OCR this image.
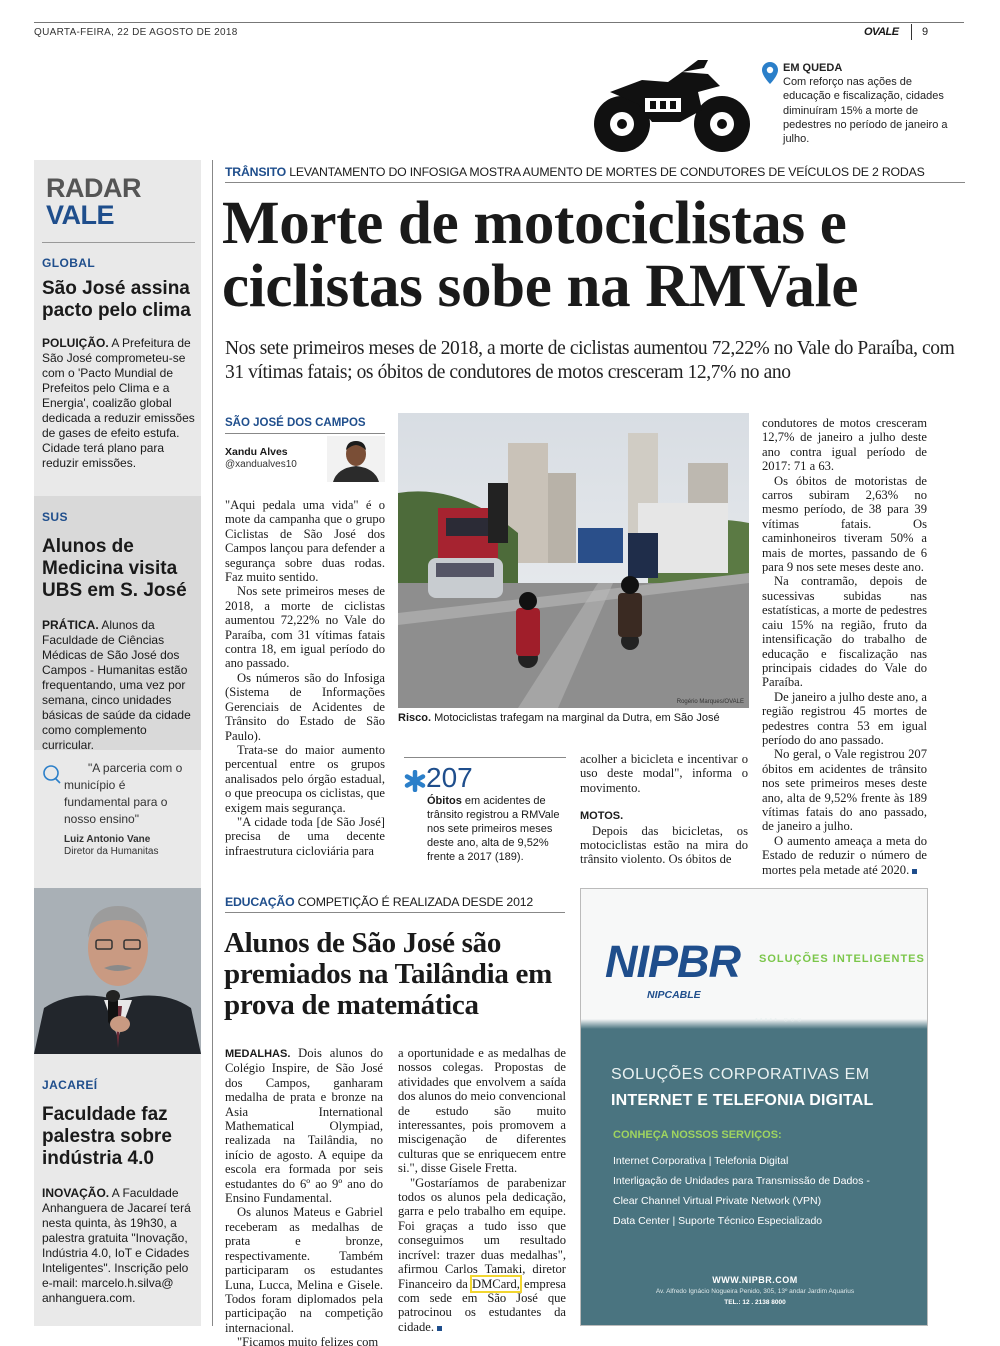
QUARTA-FEIRA, 22 DE AGOSTO DE 2018	OVALE 9
EM QUEDA
Com reforço nas ações de educação e fiscalização, cidades diminuíram 15% a morte de pedestres no período de janeiro a julho.
RADAR
VALE
GLOBAL
São José assina pacto pelo clima
POLUIÇÃO. A Prefeitura de São José comprometeu-se com o 'Pacto Mundial de Prefeitos pelo Clima e a Energia', coalizão global dedicada a reduzir emissões de gases de efeito estufa. Cidade terá plano para reduzir emissões.
SUS
Alunos de Medicina visita UBS em S. José
PRÁTICA. Alunos da Faculdade de Ciências Médicas de São José dos Campos - Humanitas estão frequentando, uma vez por semana, cinco unidades básicas de saúde da cidade como complemento curricular.
"A parceria com o município é fundamental para o nosso ensino"
Luiz Antonio Vane
Diretor da Humanitas
JACAREÍ
Faculdade faz palestra sobre indústria 4.0
INOVAÇÃO. A Faculdade Anhanguera de Jacareí terá nesta quinta, às 19h30, a palestra gratuita "Inovação, Indústria 4.0, IoT e Cidades Inteligentes". Inscrição pelo e-mail: marcelo.h.silva@ anhanguera.com.
TRÂNSITO LEVANTAMENTO DO INFOSIGA MOSTRA AUMENTO DE MORTES DE CONDUTORES DE VEÍCULOS DE 2 RODAS
Morte de motociclistas e ciclistas sobe na RMVale
Nos sete primeiros meses de 2018, a morte de ciclistas aumentou 72,22% no Vale do Paraíba, com 31 vítimas fatais; os óbitos de condutores de motos cresceram 12,7% no ano
SÃO JOSÉ DOS CAMPOS
Xandu Alves
@xandualves10

"Aqui pedala uma vida" é o mote da campanha que o grupo Ciclistas de São José dos Campos lançou para defender a segurança sobre duas rodas. Faz muito sentido.

Nos sete primeiros meses de 2018, a morte de ciclistas aumentou 72,22% no Vale do Paraíba, com 31 vítimas fatais contra 18, em igual período do ano passado.

Os números são do Infosiga (Sistema de Informações Gerenciais de Acidentes de Trânsito do Estado de São Paulo).

Trata-se do maior aumento percentual entre os grupos analisados pelo órgão estadual, o que preocupa os ciclistas, que exigem mais segurança.

"A cidade toda [de São José] precisa de uma decente infraestrutura cicloviária para

Rogério Marques/OVALE
Risco. Motociclistas trafegam na marginal da Dutra, em São José
207
Óbitos em acidentes de trânsito registrou a RMVale nos sete primeiros meses deste ano, alta de 9,52% frente a 2017 (189).

acolher a bicicleta e incentivar o uso deste modal", informa o movimento.

MOTOS.

Depois das bicicletas, os motociclistas estão na mira do trânsito violento. Os óbitos de

condutores de motos cresceram 12,7% de janeiro a julho deste ano contra igual período de 2017: 71 a 63.

Os óbitos de motoristas de carros subiram 2,63% no mesmo período, de 38 para 39 vítimas fatais. Os caminhoneiros tiveram 50% a mais de mortes, passando de 6 para 9 nos sete meses deste ano.

Na contramão, depois de sucessivas subidas nas estatísticas, a morte de pedestres caiu 15% na região, fruto da intensificação do trabalho de educação e fiscalização nas principais cidades do Vale do Paraíba.

De janeiro a julho deste ano, a região registrou 45 mortes de pedestres contra 53 em igual período do ano passado.

No geral, o Vale registrou 207 óbitos em acidentes de trânsito nos sete primeiros meses deste ano, alta de 9,52% frente às 189 vítimas fatais do ano passado, de janeiro a julho.

O aumento ameaça a meta do Estado de reduzir o número de mortes pela metade até 2020.

EDUCAÇÃO COMPETIÇÃO É REALIZADA DESDE 2012
Alunos de São José são premiados na Tailândia em prova de matemática

MEDALHAS. Dois alunos do Colégio Inspire, de São José dos Campos, ganharam medalha de prata e bronze na Asia International Mathematical Olympiad, realizada na Tailândia, no início de agosto. A equipe da escola era formada por seis estudantes do 6º ao 9º ano do Ensino Fundamental.

Os alunos Mateus e Gabriel receberam as medalhas de prata e bronze, respectivamente. Também participaram os estudantes Luna, Lucca, Melina e Gisele. Todos foram diplomados pela participação na competição internacional.

"Ficamos muito felizes com

a oportunidade e as medalhas de nossos colegas. Propostas de atividades que envolvem a saída dos alunos do meio convencional de estudo são muito interessantes, pois promovem a miscigenação de diferentes culturas que se enriquecem entre si.", disse Gisele Fretta.

"Gostaríamos de parabenizar todos os alunos pela dedicação, garra e pelo trabalho em equipe. Foi graças a tudo isso que conseguimos um resultado incrível: trazer duas medalhas", afirmou Carlos Tamaki, diretor Financeiro da DMCard, empresa com sede em São José que patrocinou os estudantes da cidade.

NIPBR
NIPCABLE
SOLUÇÕES INTELIGENTES
••••• ○○○
SOLUÇÕES CORPORATIVAS EM
INTERNET E TELEFONIA DIGITAL
CONHEÇA NOSSOS SERVIÇOS:
Internet Corporativa | Telefonia Digital
Interligação de Unidades para Transmissão de Dados -
Clear Channel Virtual Private Network (VPN)
Data Center | Suporte Técnico Especializado
WWW.NIPBR.COM
Av. Alfredo Ignácio Nogueira Penido, 305, 13º andar Jardim Aquarius
TEL.: 12 . 2138 8000
